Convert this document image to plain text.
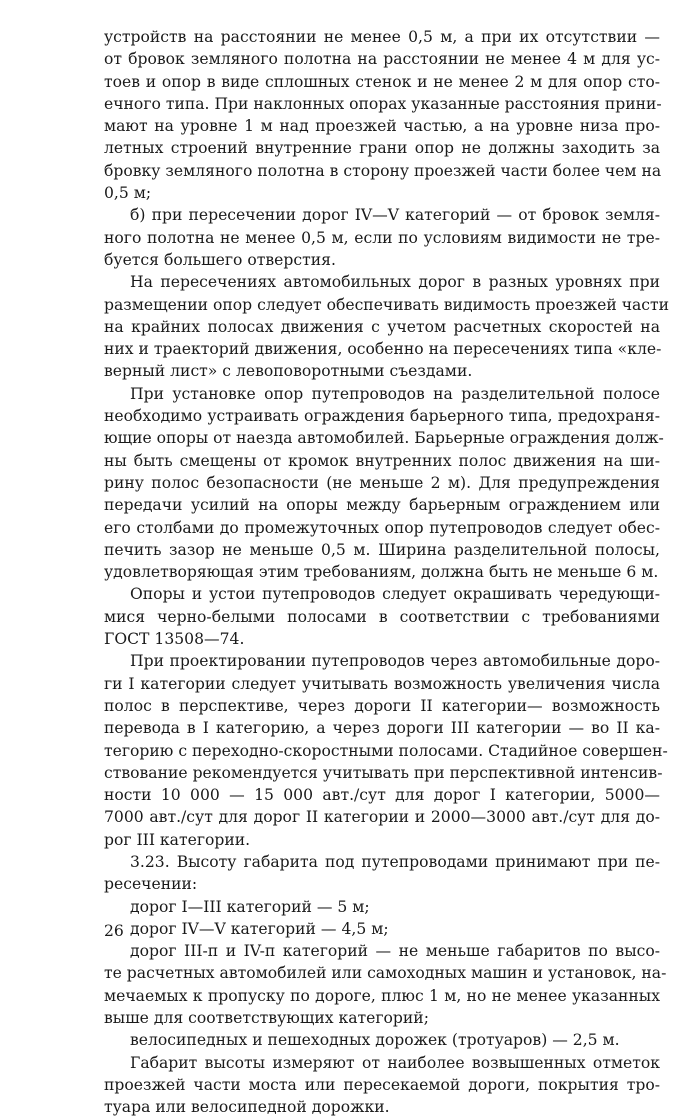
устройств на расстоянии не менее 0,5 м, а при их отсутствии —
от бровок земляного полотна на расстоянии не менее 4 м для ус-
тоев и опор в виде сплошных стенок и не менее 2 м для опор сто-
ечного типа. При наклонных опорах указанные расстояния прини-
мают на уровне 1 м над проезжей частью, а на уровне низа про-
летных строений внутренние грани опор не должны заходить за
бровку земляного полотна в сторону проезжей части более чем на
0,5 м;
б) при пересечении дорог IV—V категорий — от бровок земля-
ного полотна не менее 0,5 м, если по условиям видимости не тре-
буется большего отверстия.
На пересечениях автомобильных дорог в разных уровнях при
размещении опор следует обеспечивать видимость проезжей части
на крайних полосах движения с учетом расчетных скоростей на
них и траекторий движения, особенно на пересечениях типа «кле-
верный лист» с левоповоротными съездами.
При установке опор путепроводов на разделительной полосе
необходимо устраивать ограждения барьерного типа, предохраня-
ющие опоры от наезда автомобилей. Барьерные ограждения долж-
ны быть смещены от кромок внутренних полос движения на ши-
рину полос безопасности (не меньше 2 м). Для предупреждения
передачи усилий на опоры между барьерным ограждением или
его столбами до промежуточных опор путепроводов следует обес-
печить зазор не меньше 0,5 м. Ширина разделительной полосы,
удовлетворяющая этим требованиям, должна быть не меньше 6 м.
Опоры и устои путепроводов следует окрашивать чередующи-
мися черно-белыми полосами в соответствии с требованиями
ГОСТ 13508—74.
При проектировании путепроводов через автомобильные доро-
ги I категории следует учитывать возможность увеличения числа
полос в перспективе, через дороги II категории— возможность
перевода в I категорию, а через дороги III категории — во II ка-
тегорию с переходно-скоростными полосами. Стадийное совершен-
ствование рекомендуется учитывать при перспективной интенсив-
ности 10 000 — 15 000 авт./сут для дорог I категории, 5000—
7000 авт./сут для дорог II категории и 2000—3000 авт./сут для до-
рог III категории.
3.23. Высоту габарита под путепроводами принимают при пе-
ресечении:
дорог I—III категорий — 5 м;
дорог IV—V категорий — 4,5 м;
дорог III-п и IV-п категорий — не меньше габаритов по высо-
те расчетных автомобилей или самоходных машин и установок, на-
мечаемых к пропуску по дороге, плюс 1 м, но не менее указанных
выше для соответствующих категорий;
велосипедных и пешеходных дорожек (тротуаров) — 2,5 м.
Габарит высоты измеряют от наиболее возвышенных отметок
проезжей части моста или пересекаемой дороги, покрытия тро-
туара или велосипедной дорожки.
26
